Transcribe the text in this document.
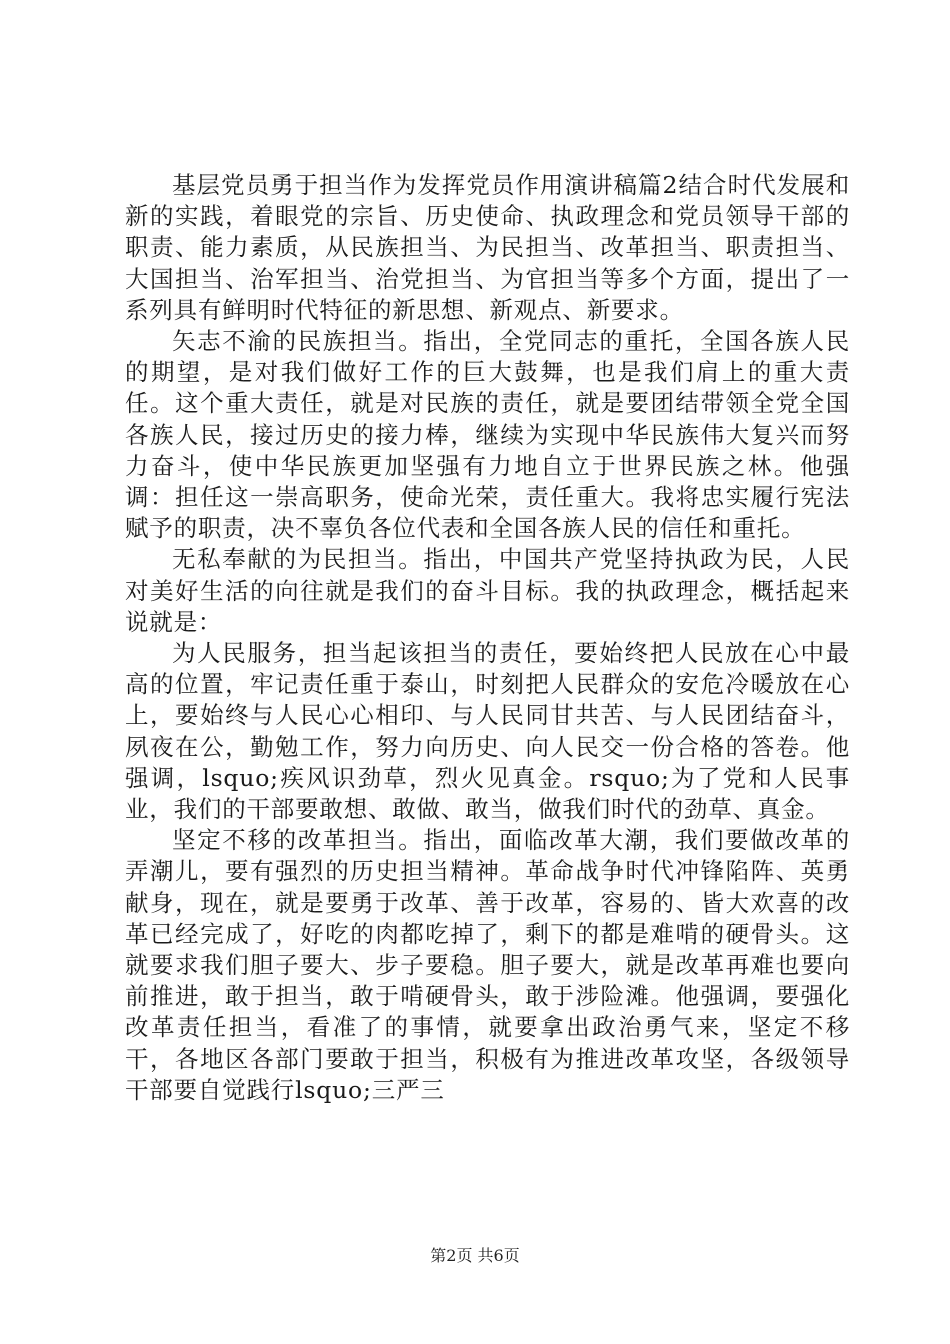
基层党员勇于担当作为发挥党员作用演讲稿篇2结合时代发展和新的实践，着眼党的宗旨、历史使命、执政理念和党员领导干部的职责、能力素质，从民族担当、为民担当、改革担当、职责担当、大国担当、治军担当、治党担当、为官担当等多个方面，提出了一系列具有鲜明时代特征的新思想、新观点、新要求。

矢志不渝的民族担当。指出，全党同志的重托，全国各族人民的期望，是对我们做好工作的巨大鼓舞，也是我们肩上的重大责任。这个重大责任，就是对民族的责任，就是要团结带领全党全国各族人民，接过历史的接力棒，继续为实现中华民族伟大复兴而努力奋斗，使中华民族更加坚强有力地自立于世界民族之林。他强调：担任这一崇高职务，使命光荣，责任重大。我将忠实履行宪法赋予的职责，决不辜负各位代表和全国各族人民的信任和重托。

无私奉献的为民担当。指出，中国共产党坚持执政为民，人民对美好生活的向往就是我们的奋斗目标。我的执政理念，概括起来说就是：

为人民服务，担当起该担当的责任，要始终把人民放在心中最高的位置，牢记责任重于泰山，时刻把人民群众的安危冷暖放在心上，要始终与人民心心相印、与人民同甘共苦、与人民团结奋斗，夙夜在公，勤勉工作，努力向历史、向人民交一份合格的答卷。他强调，lsquo;疾风识劲草，烈火见真金。rsquo;为了党和人民事业，我们的干部要敢想、敢做、敢当，做我们时代的劲草、真金。

坚定不移的改革担当。指出，面临改革大潮，我们要做改革的弄潮儿，要有强烈的历史担当精神。革命战争时代冲锋陷阵、英勇献身，现在，就是要勇于改革、善于改革，容易的、皆大欢喜的改革已经完成了，好吃的肉都吃掉了，剩下的都是难啃的硬骨头。这就要求我们胆子要大、步子要稳。胆子要大，就是改革再难也要向前推进，敢于担当，敢于啃硬骨头，敢于涉险滩。他强调，要强化改革责任担当，看准了的事情，就要拿出政治勇气来，坚定不移干，各地区各部门要敢于担当，积极有为推进改革攻坚，各级领导干部要自觉践行lsquo;三严三

第2页 共6页
